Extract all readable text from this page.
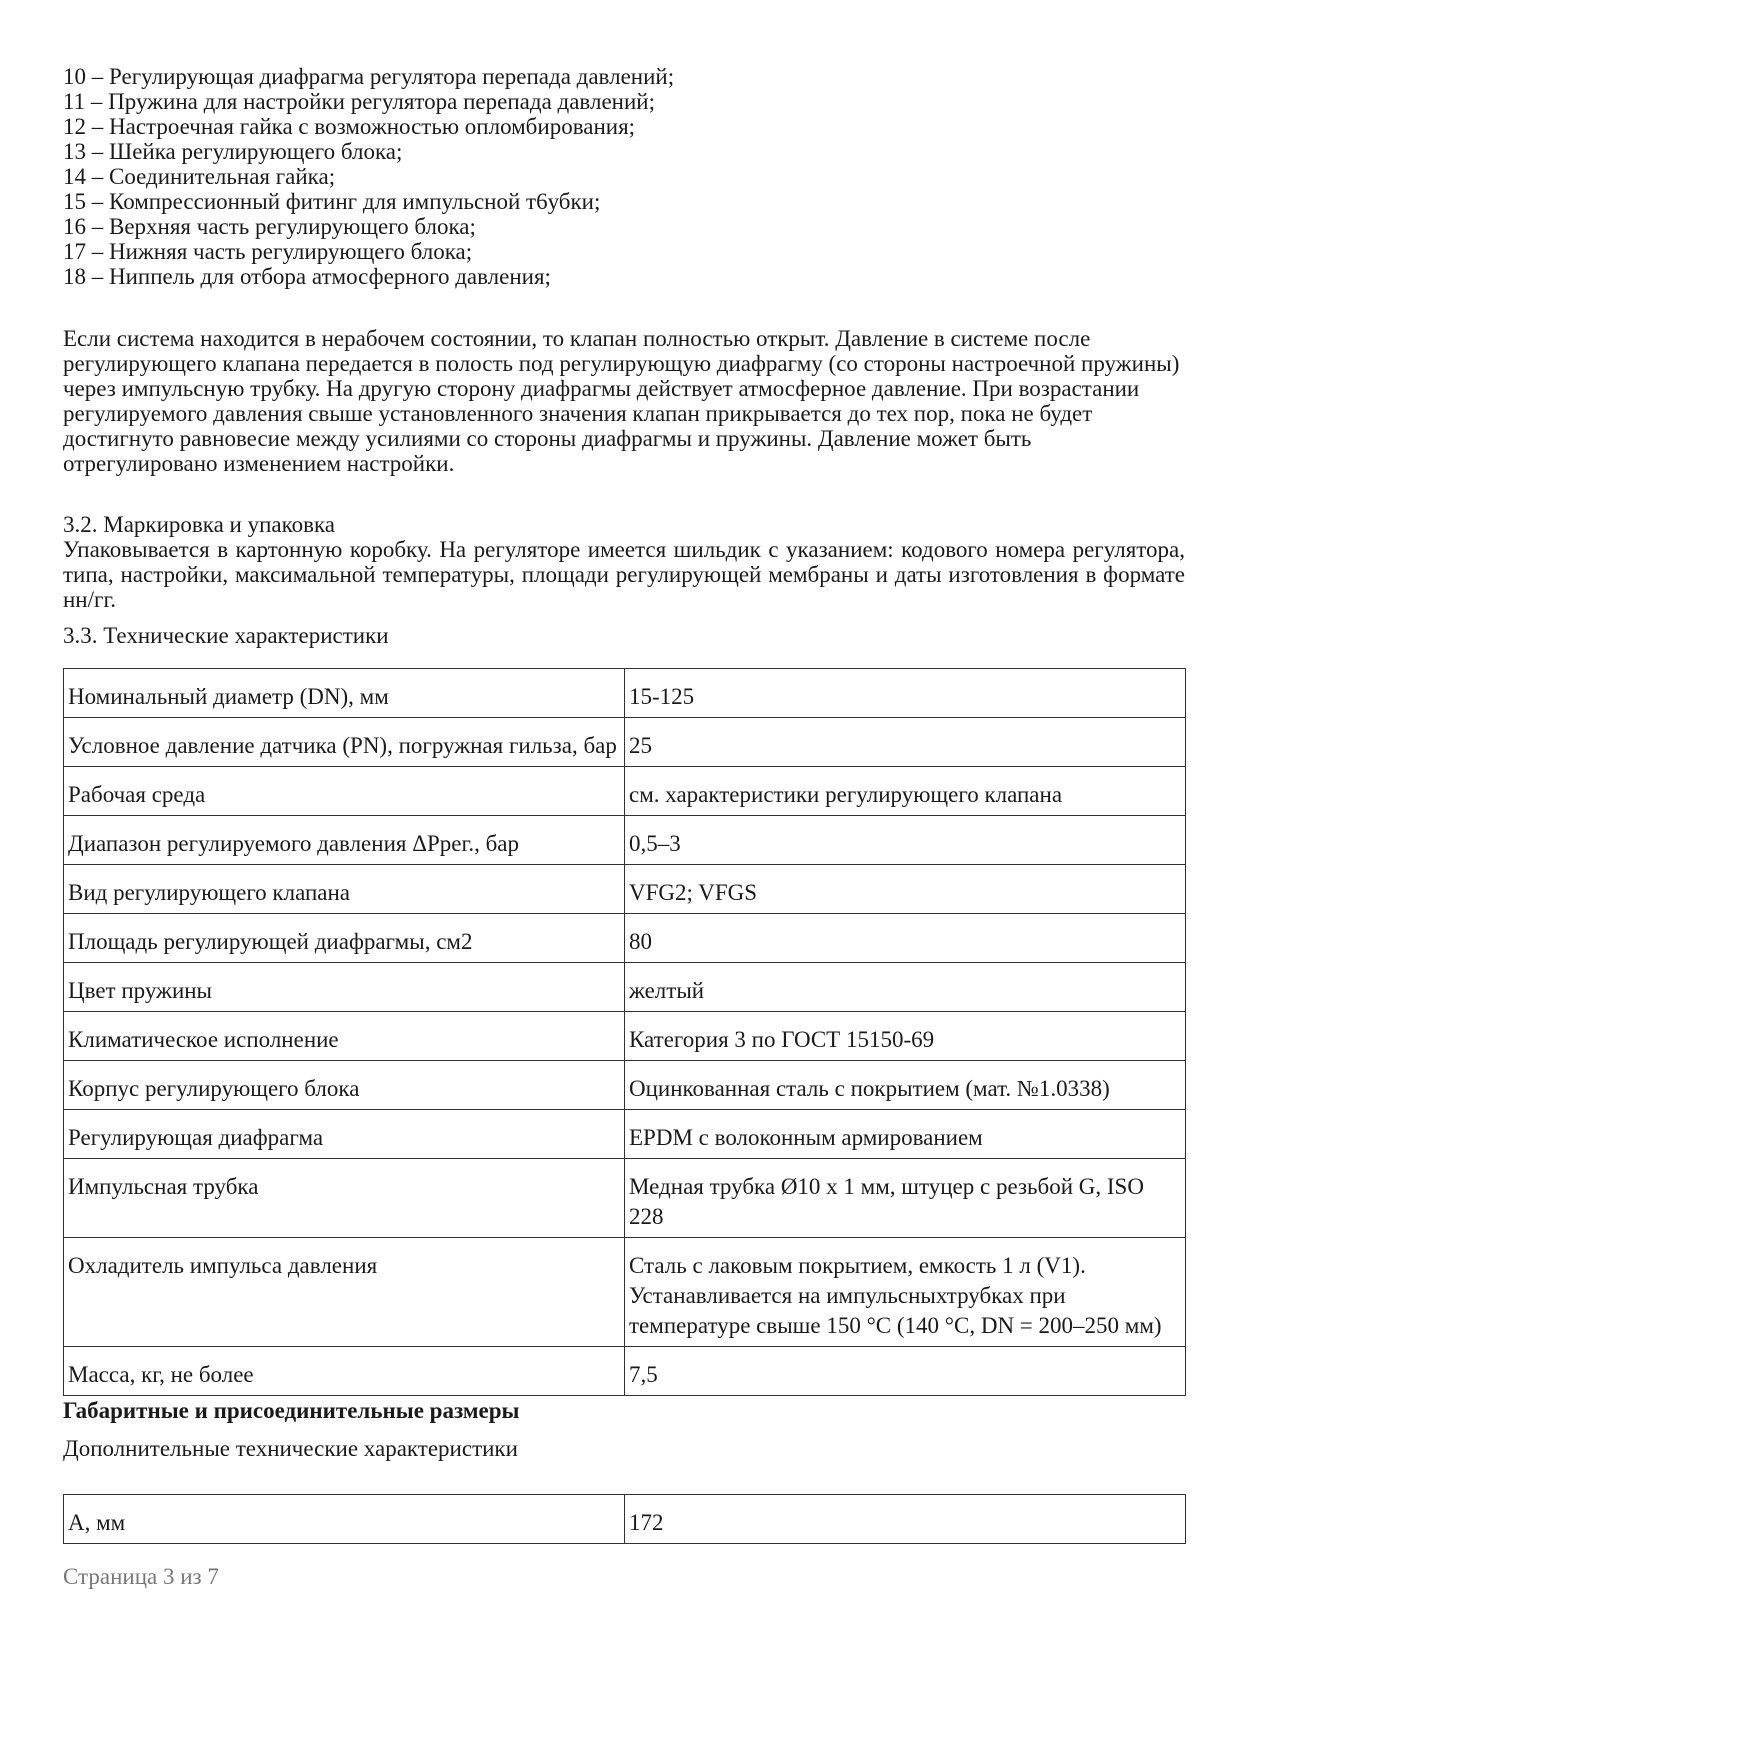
10 – Регулирующая диафрагма регулятора перепада давлений;
11 – Пружина для настройки регулятора перепада давлений;
12 – Настроечная гайка с возможностью опломбирования;
13 – Шейка регулирующего блока;
14 – Соединительная гайка;
15 – Компрессионный фитинг для импульсной т6убки;
16 – Верхняя часть регулирующего блока;
17 – Нижняя часть регулирующего блока;
18 – Ниппель для отбора атмосферного давления;

Если система находится в нерабочем состоянии, то клапан полностью открыт. Давление в системе после регулирующего клапана передается в полость под регулирующую диафрагму (со стороны настроечной пружины) через импульсную трубку. На другую сторону диафрагмы действует атмосферное давление. При возрастании регулируемого давления свыше установленного значения клапан прикрывается до тех пор, пока не будет достигнуто равновесие между усилиями со стороны диафрагмы и пружины. Давление может быть отрегулировано изменением настройки.

3.2. Маркировка и упаковка

Упаковывается в картонную коробку. На регуляторе имеется шильдик с указанием: кодового номера регулятора, типа, настройки, максимальной температуры, площади регулирующей мембраны и даты изготовления в формате нн/гг.

3.3. Технические характеристики

Номинальный диаметр (DN), мм	15-125
Условное давление датчика (PN), погружная гильза, бар	25
Рабочая среда	см. характеристики регулирующего клапана
Диапазон регулируемого давления ΔPрег., бар	0,5–3
Вид регулирующего клапана	VFG2; VFGS
Площадь регулирующей диафрагмы, см2	80
Цвет пружины	желтый
Климатическое исполнение	Категория 3 по ГОСТ 15150-69
Корпус регулирующего блока	Оцинкованная сталь с покрытием (мат. №1.0338)
Регулирующая диафрагма	EPDM с волоконным армированием
Импульсная трубка	Медная трубка Ø10 x 1 мм, штуцер с резьбой G, ISO 228
Охладитель импульса давления	Сталь с лаковым покрытием, емкость 1 л (V1). Устанавливается на импульсныхтрубках при температуре свыше 150 °С (140 °С, DN = 200–250 мм)
Масса, кг, не более	7,5
Габаритные и присоединительные размеры
Дополнительные технические характеристики
А, мм	172
Страница 3 из 7
